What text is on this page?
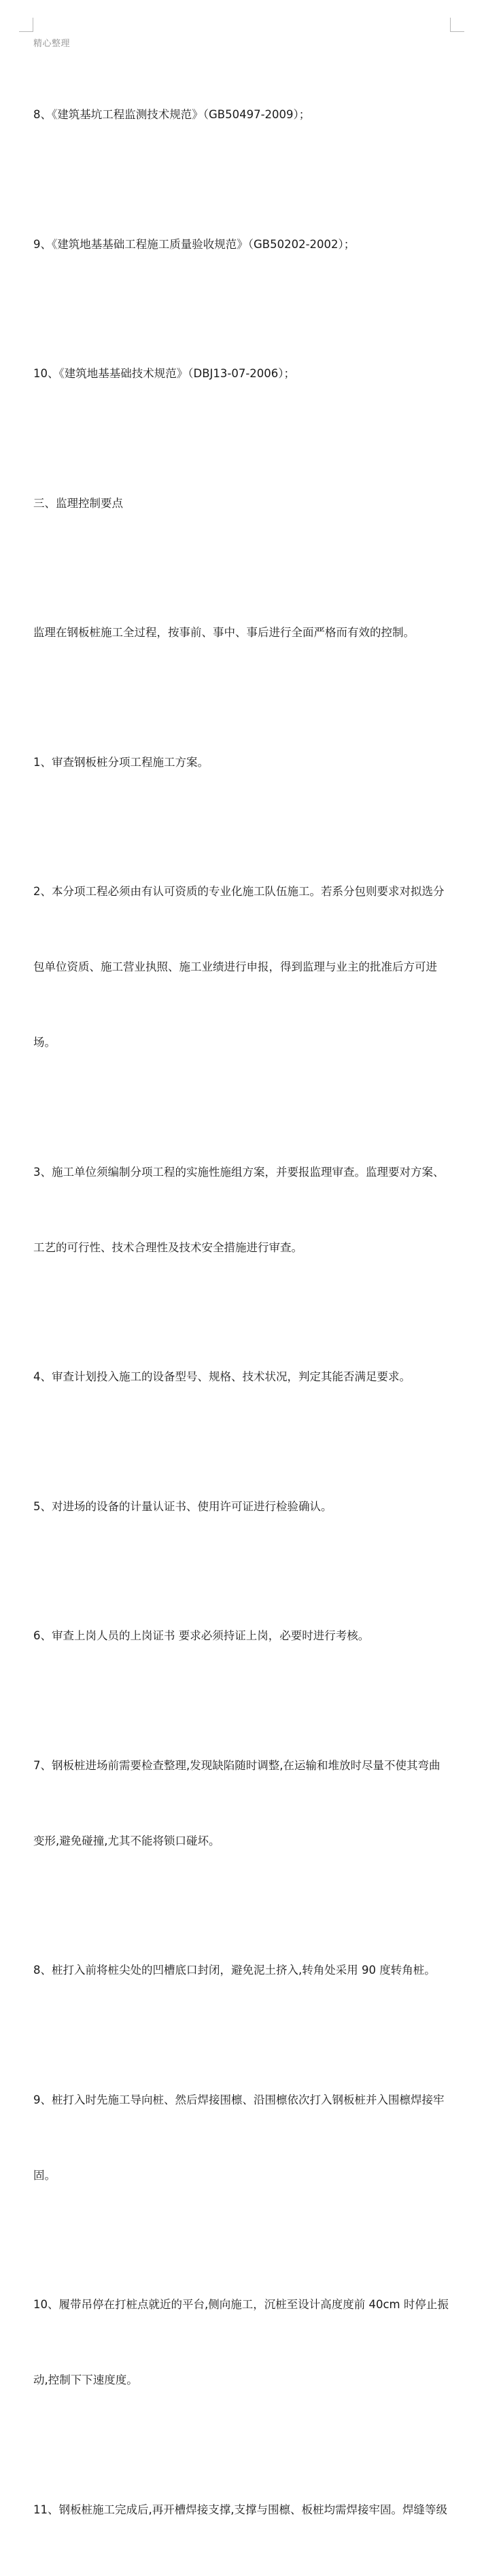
精心整理

8、《建筑基坑工程监测技术规范》（GB50497-2009）；

9、《建筑地基基础工程施工质量验收规范》（GB50202-2002）；

10、《建筑地基基础技术规范》（DBJ13-07-2006）；

三、监理控制要点

监理在钢板桩施工全过程，按事前、事中、事后进行全面严格而有效的控制。

1、审查钢板桩分项工程施工方案。

2、本分项工程必须由有认可资质的专业化施工队伍施工。若系分包则要求对拟选分

包单位资质、施工营业执照、施工业绩进行申报，得到监理与业主的批准后方可进

场。

3、施工单位须编制分项工程的实施性施组方案，并要报监理审查。监理要对方案、

工艺的可行性、技术合理性及技术安全措施进行审查。

4、审查计划投入施工的设备型号、规格、技术状况，判定其能否满足要求。

5、对进场的设备的计量认证书、使用许可证进行检验确认。

6、审查上岗人员的上岗证书 要求必须持证上岗，必要时进行考核。

7、钢板桩进场前需要检查整理,发现缺陷随时调整,在运输和堆放时尽量不使其弯曲

变形,避免碰撞,尤其不能将锁口碰坏。

8、桩打入前将桩尖处的凹槽底口封闭，避免泥土挤入,转角处采用 90 度转角桩。

9、桩打入时先施工导向桩、然后焊接围檩、沿围檩依次打入钢板桩并入围檩焊接牢

固。

10、履带吊停在打桩点就近的平台,侧向施工，沉桩至设计高度度前 40cm 时停止振

动,控制下下速度度。

11、钢板桩施工完成后,再开槽焊接支撑,支撑与围檩、板桩均需焊接牢固。焊缝等级
